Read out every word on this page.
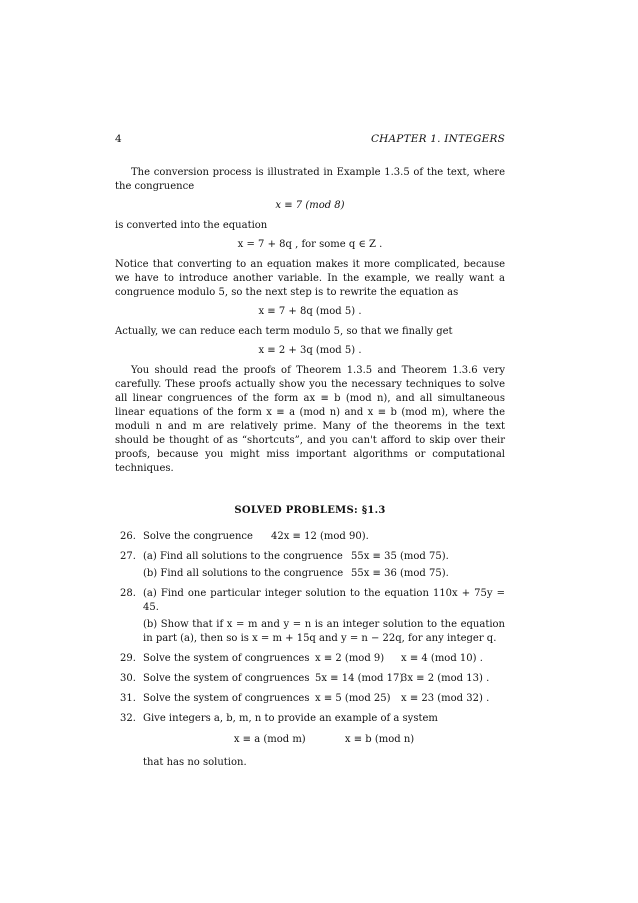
4	CHAPTER 1. INTEGERS

The conversion process is illustrated in Example 1.3.5 of the text, where the congruence

x ≡ 7 (mod 8)

is converted into the equation

x = 7 + 8q , for some q ∈ Z .

Notice that converting to an equation makes it more complicated, because we have to introduce another variable. In the example, we really want a congruence modulo 5, so the next step is to rewrite the equation as

x ≡ 7 + 8q (mod 5) .

Actually, we can reduce each term modulo 5, so that we finally get

x ≡ 2 + 3q (mod 5) .

You should read the proofs of Theorem 1.3.5 and Theorem 1.3.6 very carefully. These proofs actually show you the necessary techniques to solve all linear congruences of the form ax ≡ b (mod n), and all simultaneous linear equations of the form x ≡ a (mod n) and x ≡ b (mod m), where the moduli n and m are relatively prime. Many of the theorems in the text should be thought of as “shortcuts”, and you can't afford to skip over their proofs, because you might miss important algorithms or computational techniques.

SOLVED PROBLEMS: §1.3
26. Solve the congruence	42x ≡ 12 (mod 90).
27. (a) Find all solutions to the congruence 55x ≡ 35 (mod 75).
(b) Find all solutions to the congruence 55x ≡ 36 (mod 75).
28. (a) Find one particular integer solution to the equation 110x + 75y = 45.
(b) Show that if x = m and y = n is an integer solution to the equation in part (a), then so is x = m + 15q and y = n − 22q, for any integer q.
29. Solve the system of congruences x ≡ 2 (mod 9)	x ≡ 4 (mod 10) .
30. Solve the system of congruences 5x ≡ 14 (mod 17)
3x ≡ 2 (mod 13) .
31. Solve the system of congruences x ≡ 5 (mod 25)	x ≡ 23 (mod 32) .
32. Give integers a, b, m, n to provide an example of a system
x ≡ a (mod m)	x ≡ b (mod n)
that has no solution.
